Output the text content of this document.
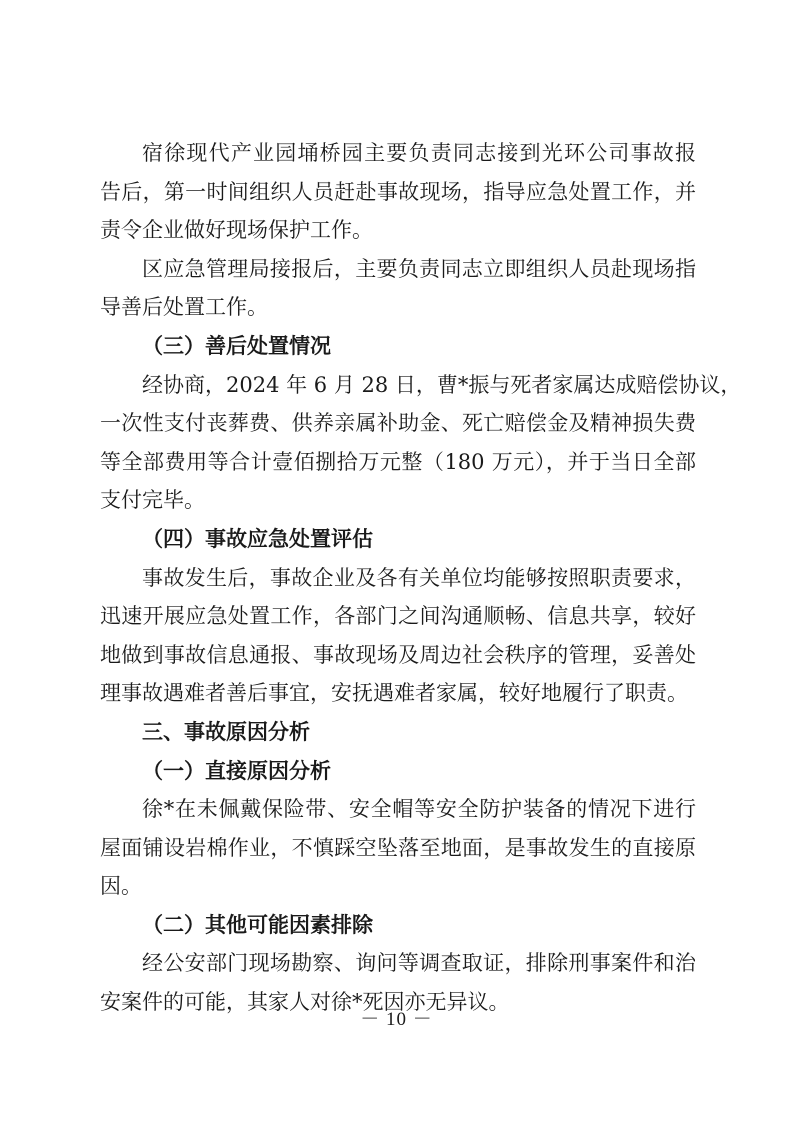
宿徐现代产业园埇桥园主要负责同志接到光环公司事故报
告后，第一时间组织人员赶赴事故现场，指导应急处置工作，并
责令企业做好现场保护工作。
区应急管理局接报后，主要负责同志立即组织人员赴现场指
导善后处置工作。
（三）善后处置情况
经协商，2024 年 6 月 28 日，曹*振与死者家属达成赔偿协议，
一次性支付丧葬费、供养亲属补助金、死亡赔偿金及精神损失费
等全部费用等合计壹佰捌拾万元整（180 万元），并于当日全部
支付完毕。
（四）事故应急处置评估
事故发生后，事故企业及各有关单位均能够按照职责要求，
迅速开展应急处置工作，各部门之间沟通顺畅、信息共享，较好
地做到事故信息通报、事故现场及周边社会秩序的管理，妥善处
理事故遇难者善后事宜，安抚遇难者家属，较好地履行了职责。
三、事故原因分析
（一）直接原因分析
徐*在未佩戴保险带、安全帽等安全防护装备的情况下进行
屋面铺设岩棉作业，不慎踩空坠落至地面，是事故发生的直接原
因。
（二）其他可能因素排除
经公安部门现场勘察、询问等调查取证，排除刑事案件和治
安案件的可能，其家人对徐*死因亦无异议。
－ 10 －
